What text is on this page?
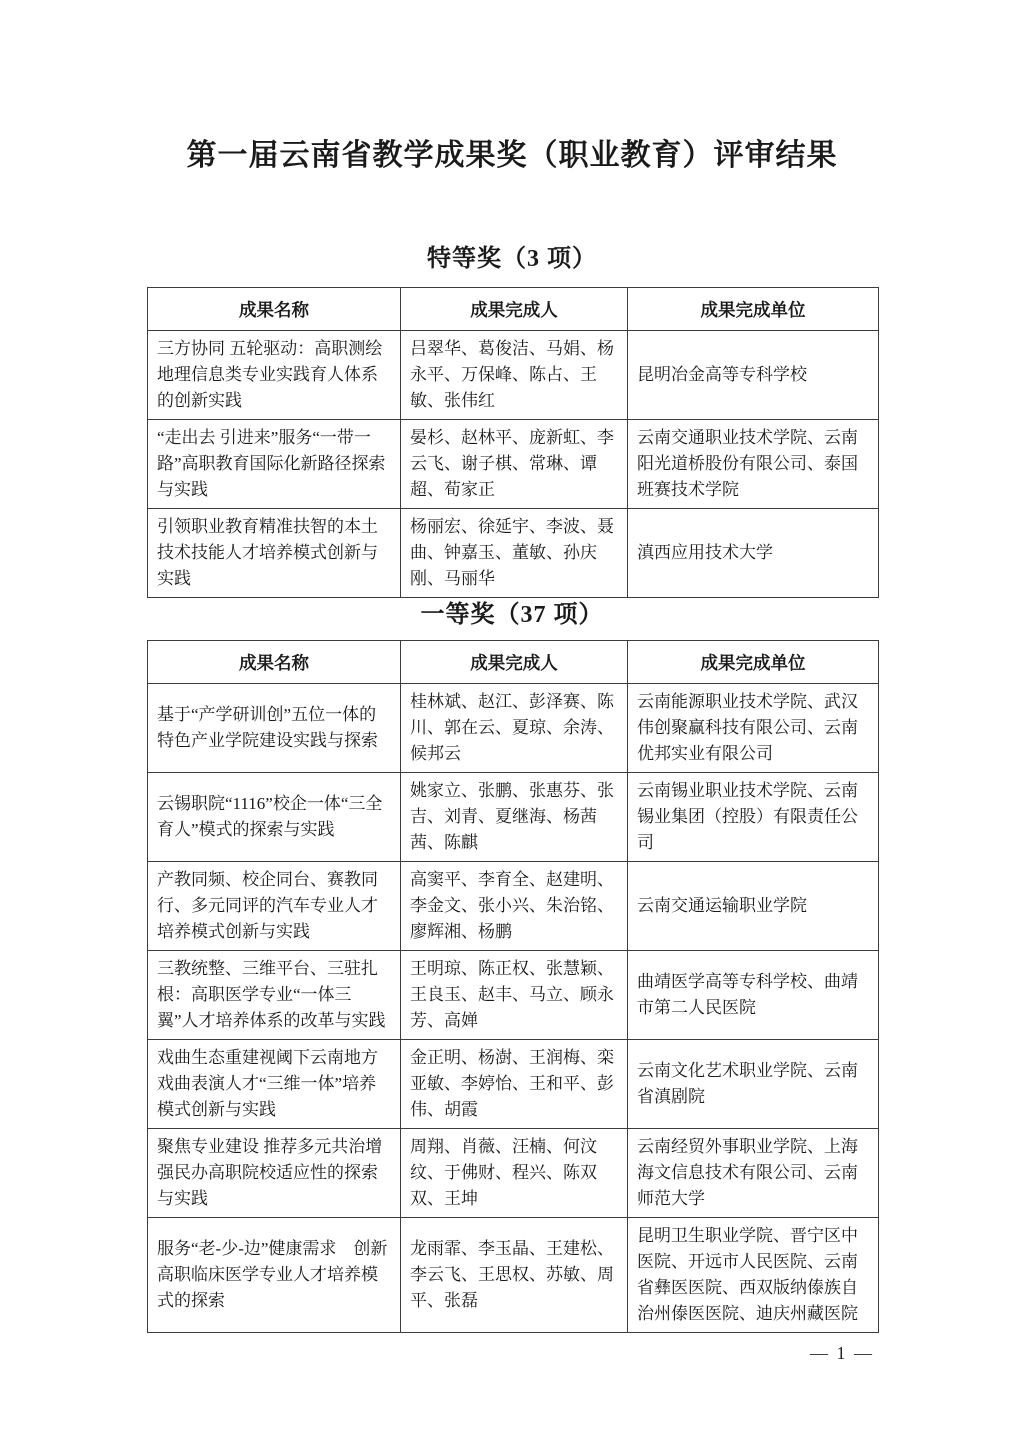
第一届云南省教学成果奖（职业教育）评审结果
特等奖（3 项）
成果名称	成果完成人	成果完成单位
三方协同 五轮驱动：高职测绘地理信息类专业实践育人体系的创新实践	吕翠华、葛俊洁、马娟、杨永平、万保峰、陈占、王敏、张伟红	昆明冶金高等专科学校
“走出去 引进来”服务“一带一路”高职教育国际化新路径探索与实践	晏杉、赵林平、庞新虹、李云飞、谢子棋、常琳、谭超、荀家正	云南交通职业技术学院、云南阳光道桥股份有限公司、泰国班赛技术学院
引领职业教育精准扶智的本土技术技能人才培养模式创新与实践	杨丽宏、徐延宇、李波、聂曲、钟嘉玉、董敏、孙庆刚、马丽华	滇西应用技术大学
一等奖（37 项）
成果名称	成果完成人	成果完成单位
基于“产学研训创”五位一体的特色产业学院建设实践与探索	桂林斌、赵江、彭泽赛、陈川、郭在云、夏琼、余涛、候邦云	云南能源职业技术学院、武汉伟创聚赢科技有限公司、云南优邦实业有限公司
云锡职院“1116”校企一体“三全育人”模式的探索与实践	姚家立、张鹏、张惠芬、张吉、刘青、夏继海、杨茜茜、陈麒	云南锡业职业技术学院、云南锡业集团（控股）有限责任公司
产教同频、校企同台、赛教同行、多元同评的汽车专业人才培养模式创新与实践	高窦平、李育全、赵建明、李金文、张小兴、朱治铭、廖辉湘、杨鹏	云南交通运输职业学院
三教统整、三维平台、三驻扎根：高职医学专业“一体三翼”人才培养体系的改革与实践	王明琼、陈正权、张慧颖、王良玉、赵丰、马立、顾永芳、高婵	曲靖医学高等专科学校、曲靖市第二人民医院
戏曲生态重建视阈下云南地方戏曲表演人才“三维一体”培养模式创新与实践	金正明、杨澍、王润梅、栾亚敏、李婷怡、王和平、彭伟、胡霞	云南文化艺术职业学院、云南省滇剧院
聚焦专业建设 推荐多元共治增强民办高职院校适应性的探索与实践	周翔、肖薇、汪楠、何汶纹、于佛财、程兴、陈双双、王坤	云南经贸外事职业学院、上海海文信息技术有限公司、云南师范大学
服务“老-少-边”健康需求　创新高职临床医学专业人才培养模式的探索	龙雨霏、李玉晶、王建松、李云飞、王思权、苏敏、周平、张磊	昆明卫生职业学院、晋宁区中医院、开远市人民医院、云南省彝医医院、西双版纳傣族自治州傣医医院、迪庆州藏医院
— 1 —
